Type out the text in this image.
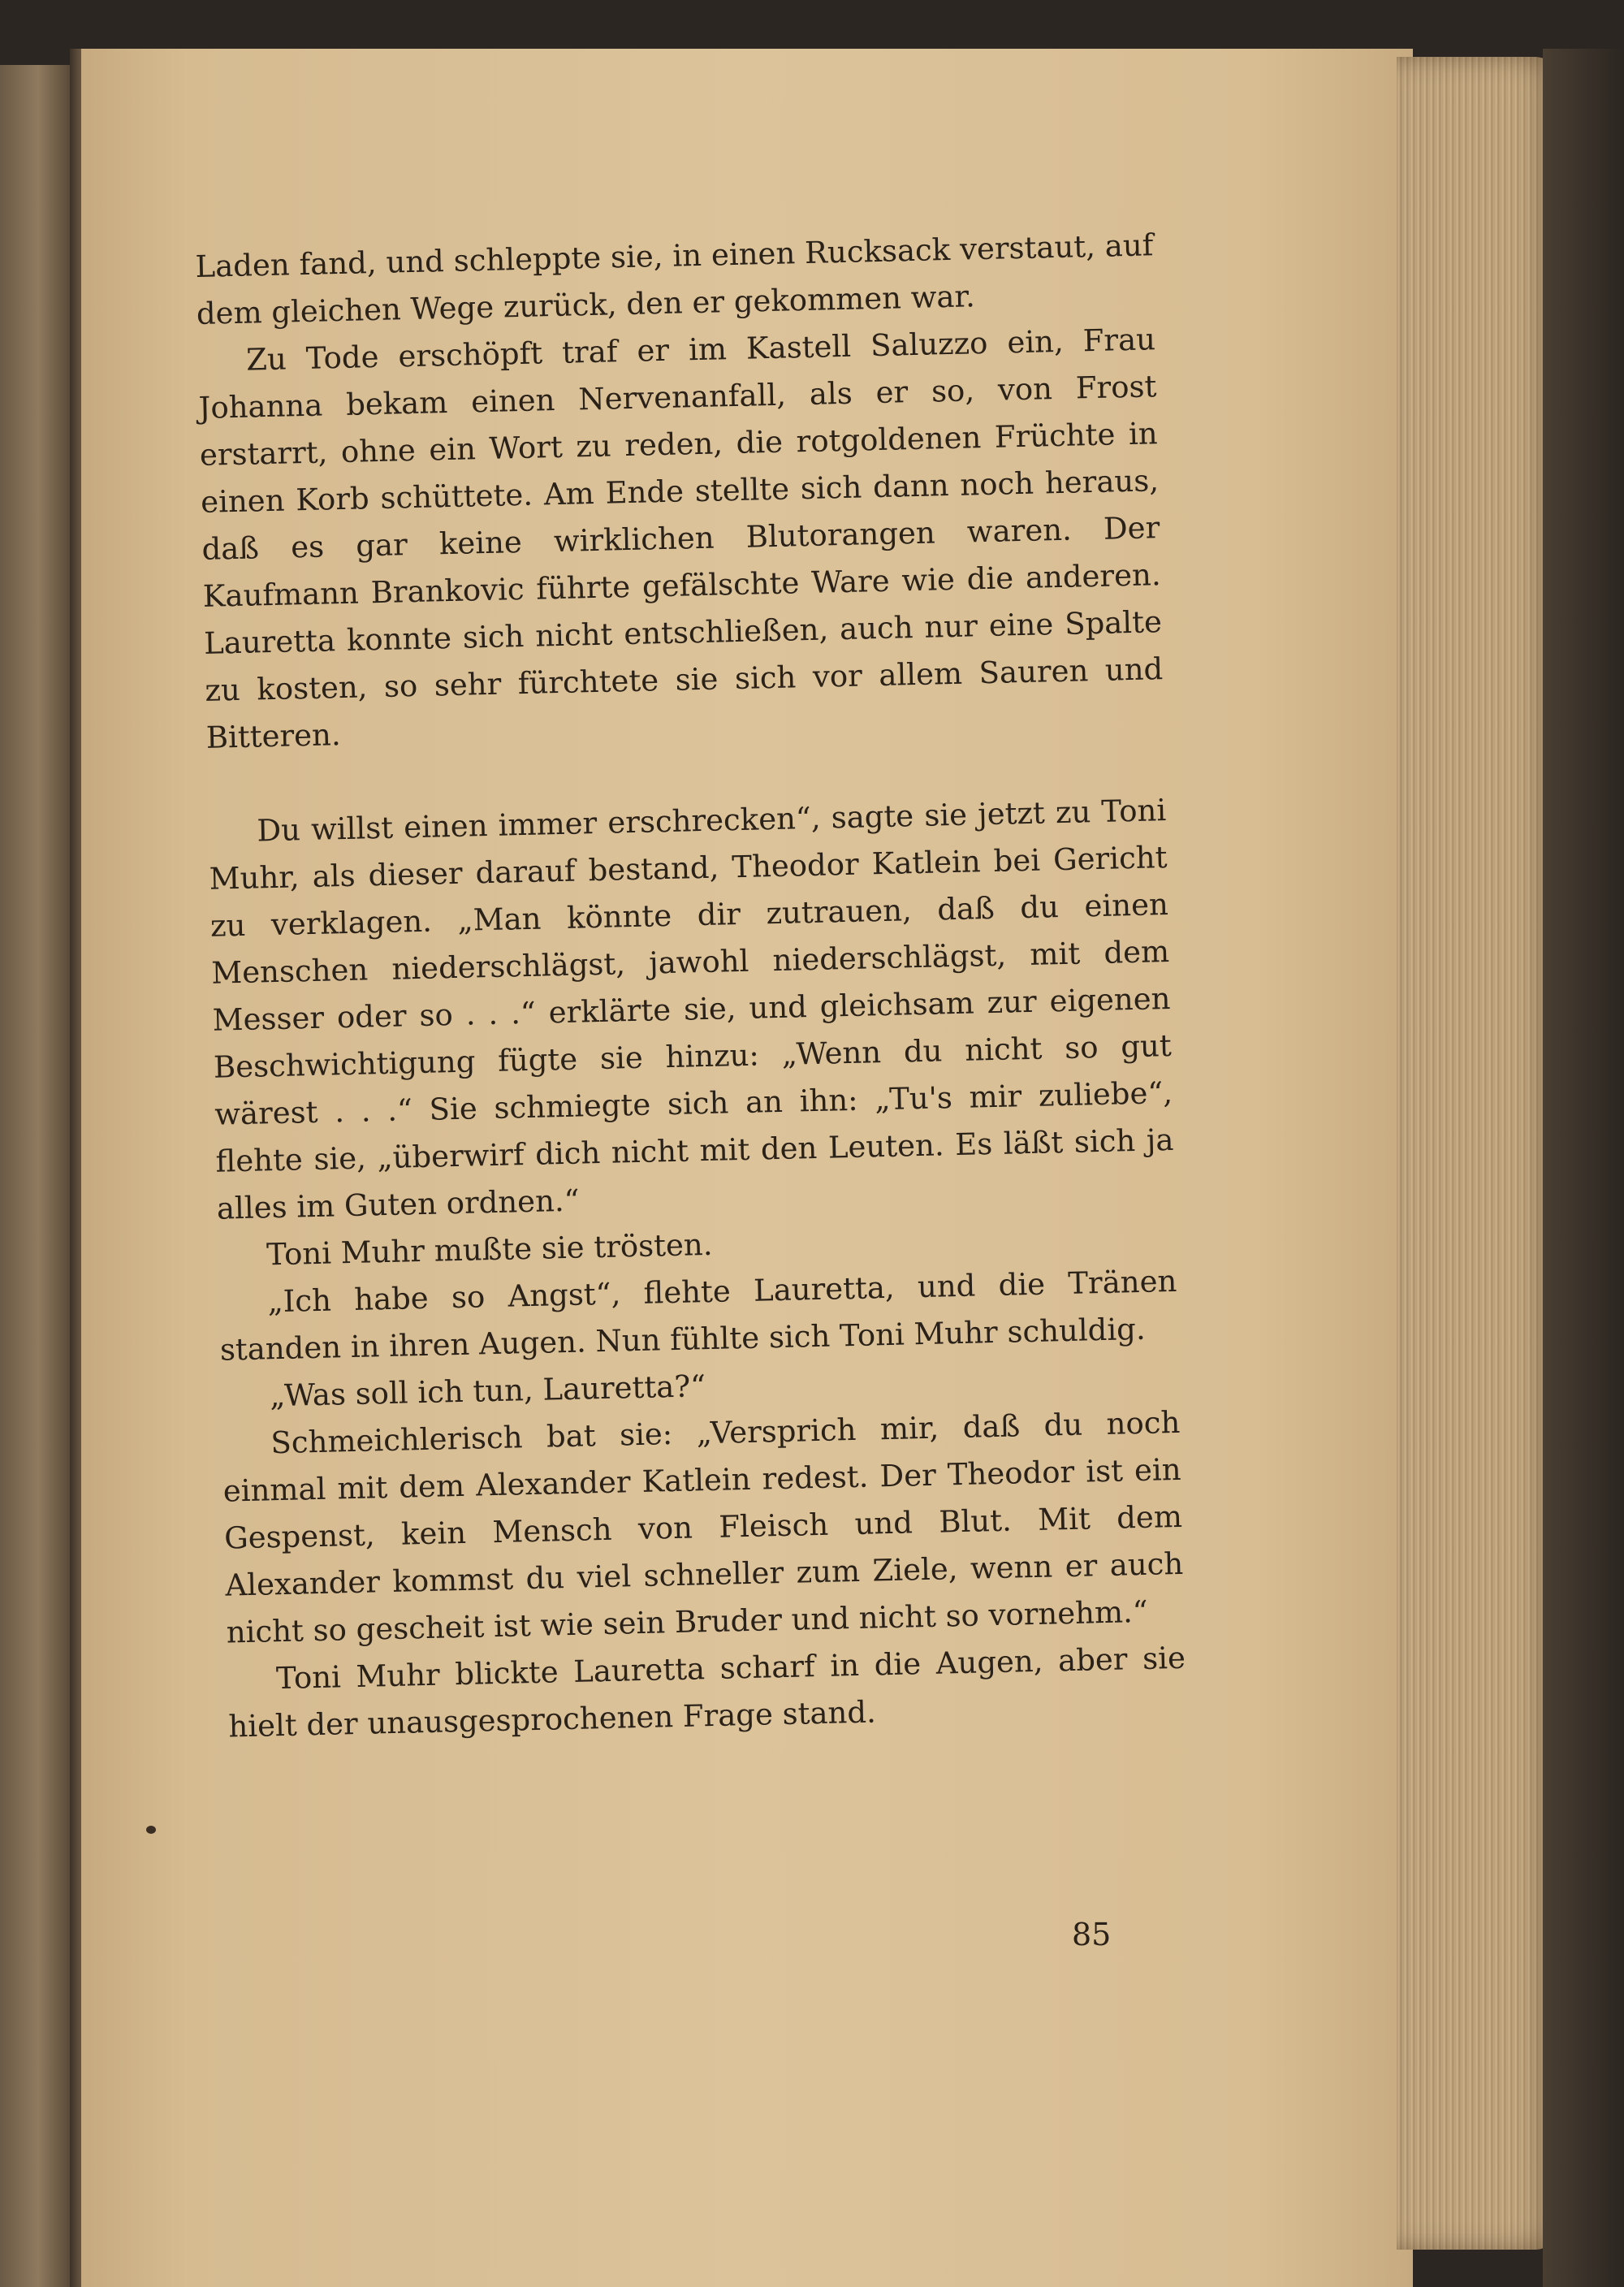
Laden fand, und schleppte sie, in einen Rucksack verstaut, auf dem gleichen Wege zurück, den er gekommen war.

Zu Tode erschöpft traf er im Kastell Saluzzo ein, Frau Johanna bekam einen Nervenanfall, als er so, von Frost erstarrt, ohne ein Wort zu reden, die rotgoldenen Früchte in einen Korb schüttete. Am Ende stellte sich dann noch heraus, daß es gar keine wirklichen Blutorangen waren. Der Kaufmann Brankovic führte gefälschte Ware wie die anderen. Lauretta konnte sich nicht entschließen, auch nur eine Spalte zu kosten, so sehr fürchtete sie sich vor allem Sauren und Bitteren.

Du willst einen immer erschrecken“, sagte sie jetzt zu Toni Muhr, als dieser darauf bestand, Theodor Katlein bei Gericht zu verklagen. „Man könnte dir zutrauen, daß du einen Menschen niederschlägst, jawohl niederschlägst, mit dem Messer oder so . . .“ erklärte sie, und gleichsam zur eigenen Beschwichtigung fügte sie hinzu: „Wenn du nicht so gut wärest . . .“ Sie schmiegte sich an ihn: „Tu's mir zuliebe“, flehte sie, „überwirf dich nicht mit den Leuten. Es läßt sich ja alles im Guten ordnen.“

Toni Muhr mußte sie trösten.

„Ich habe so Angst“, flehte Lauretta, und die Tränen standen in ihren Augen. Nun fühlte sich Toni Muhr schuldig.

„Was soll ich tun, Lauretta?“

Schmeichlerisch bat sie: „Versprich mir, daß du noch einmal mit dem Alexander Katlein redest. Der Theodor ist ein Gespenst, kein Mensch von Fleisch und Blut. Mit dem Alexander kommst du viel schneller zum Ziele, wenn er auch nicht so gescheit ist wie sein Bruder und nicht so vornehm.“

Toni Muhr blickte Lauretta scharf in die Augen, aber sie hielt der unausgesprochenen Frage stand.

85
